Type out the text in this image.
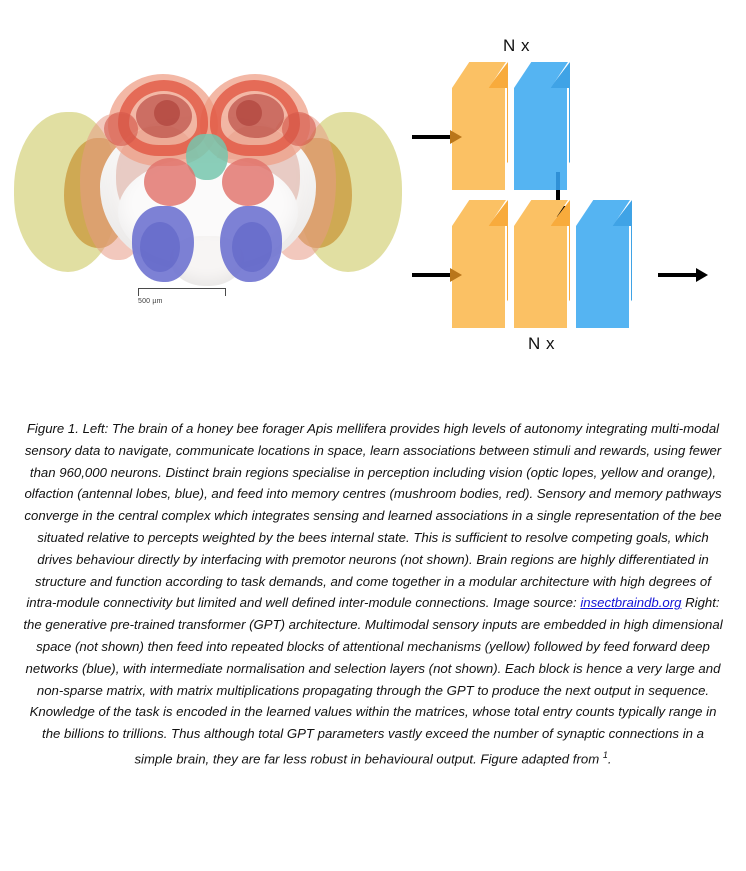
500 µm
N x
N x
Figure 1. Left: The brain of a honey bee forager Apis mellifera provides high levels of autonomy integrating multi-modal sensory data to navigate, communicate locations in space, learn associations between stimuli and rewards, using fewer than 960,000 neurons. Distinct brain regions specialise in perception including vision (optic lopes, yellow and orange), olfaction (antennal lobes, blue), and feed into memory centres (mushroom bodies, red). Sensory and memory pathways converge in the central complex which integrates sensing and learned associations in a single representation of the bee situated relative to percepts weighted by the bees internal state. This is sufficient to resolve competing goals, which drives behaviour directly by interfacing with premotor neurons (not shown). Brain regions are highly differentiated in structure and function according to task demands, and come together in a modular architecture with high degrees of intra-module connectivity but limited and well defined inter-module connections. Image source: insectbraindb.org Right: the generative pre-trained transformer (GPT) architecture. Multimodal sensory inputs are embedded in high dimensional space (not shown) then feed into repeated blocks of attentional mechanisms (yellow) followed by feed forward deep networks (blue), with intermediate normalisation and selection layers (not shown). Each block is hence a very large and non-sparse matrix, with matrix multiplications propagating through the GPT to produce the next output in sequence. Knowledge of the task is encoded in the learned values within the matrices, whose total entry counts typically range in the billions to trillions. Thus although total GPT parameters vastly exceed the number of synaptic connections in a simple brain, they are far less robust in behavioural output. Figure adapted from $^1$.
